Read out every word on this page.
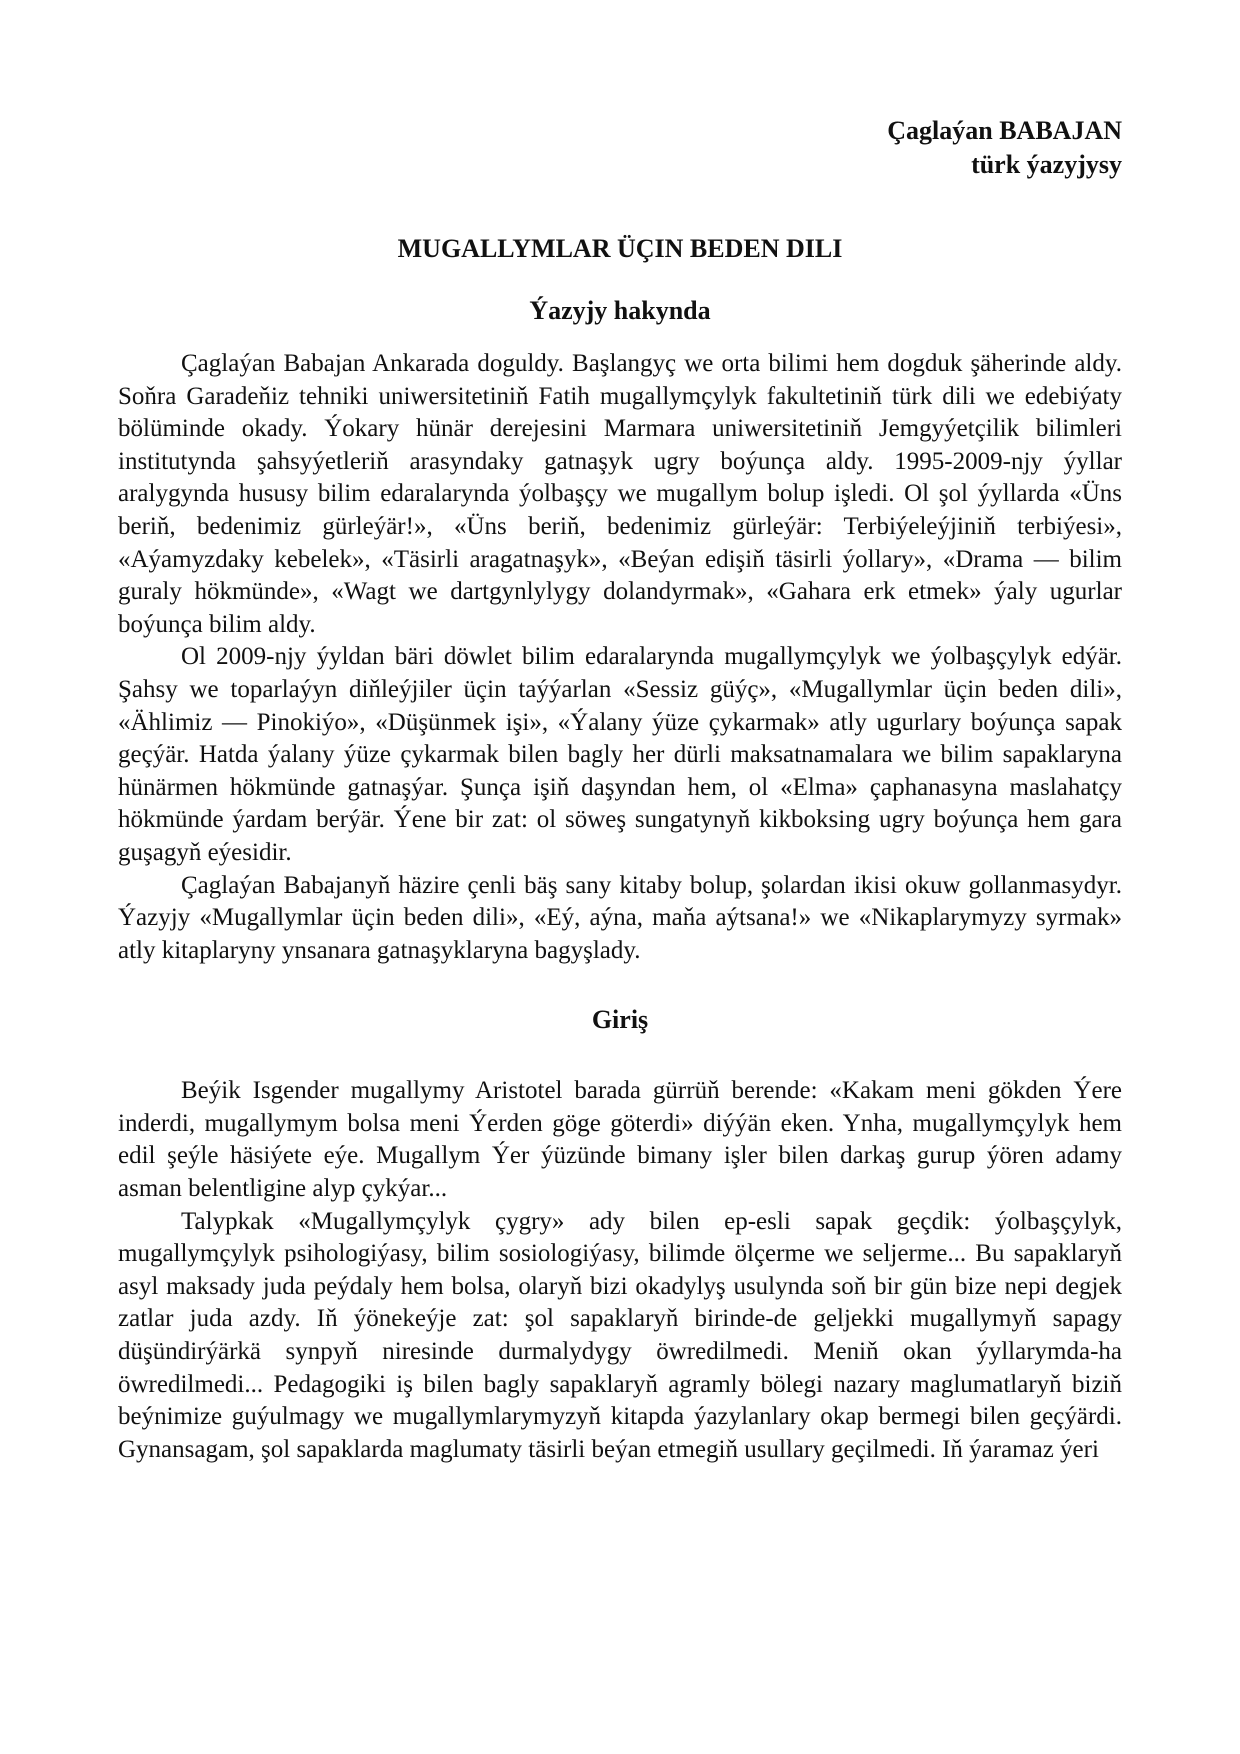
Çaglaýan BABAJAN
türk ýazyjysy
MUGALLYMLAR ÜÇIN BEDEN DILI
Ýazyjy hakynda

Çaglaýan Babajan Ankarada doguldy. Başlangyç we orta bilimi hem dogduk şäherinde aldy. Soňra Garadeňiz tehniki uniwersitetiniň Fatih mugallymçylyk fakultetiniň türk dili we edebiýaty bölüminde okady. Ýokary hünär derejesini Marmara uniwersitetiniň Jemgyýetçilik bilimleri institutynda şahsyýetleriň arasyndaky gatnaşyk ugry boýunça aldy. 1995-2009-njy ýyllar aralygynda hususy bilim edaralarynda ýolbaşçy we mugallym bolup işledi. Ol şol ýyllarda «Üns beriň, bedenimiz gürleýär!», «Üns beriň, bedenimiz gürleýär: Terbiýeleýjiniň terbiýesi», «Aýamyzdaky kebelek», «Täsirli aragatnaşyk», «Beýan edişiň täsirli ýollary», «Drama — bilim guraly hökmünde», «Wagt we dartgynlylygy dolandyrmak», «Gahara erk etmek» ýaly ugurlar boýunça bilim aldy.

Ol 2009-njy ýyldan bäri döwlet bilim edaralarynda mugallymçylyk we ýolbaşçylyk edýär. Şahsy we toparlaýyn diňleýjiler üçin taýýarlan «Sessiz güýç», «Mugallymlar üçin beden dili», «Ählimiz — Pinokiýo», «Düşünmek işi», «Ýalany ýüze çykarmak» atly ugurlary boýunça sapak geçýär. Hatda ýalany ýüze çykarmak bilen bagly her dürli maksatnamalara we bilim sapaklaryna hünärmen hökmünde gatnaşýar. Şunça işiň daşyndan hem, ol «Elma» çaphanasyna maslahatçy hökmünde ýardam berýär. Ýene bir zat: ol söweş sungatynyň kikboksing ugry boýunça hem gara guşagyň eýesidir.

Çaglaýan Babajanyň häzire çenli bäş sany kitaby bolup, şolardan ikisi okuw gollanmasydyr. Ýazyjy «Mugallymlar üçin beden dili», «Eý, aýna, maňa aýtsana!» we «Nikaplarymyzy syrmak» atly kitaplaryny ynsanara gatnaşyklaryna bagyşlady.

Giriş

Beýik Isgender mugallymy Aristotel barada gürrüň berende: «Kakam meni gökden Ýere inderdi, mugallymym bolsa meni Ýerden göge göterdi» diýýän eken. Ynha, mugallymçylyk hem edil şeýle häsiýete eýe. Mugallym Ýer ýüzünde bimany işler bilen darkaş gurup ýören adamy asman belentligine alyp çykýar...

Talypkak «Mugallymçylyk çygry» ady bilen ep-esli sapak geçdik: ýolbaşçylyk, mugallymçylyk psihologiýasy, bilim sosiologiýasy, bilimde ölçerme we seljerme... Bu sapaklaryň asyl maksady juda peýdaly hem bolsa, olaryň bizi okadylyş usulynda soň bir gün bize nepi degjek zatlar juda azdy. Iň ýönekeýje zat: şol sapaklaryň birinde-de geljekki mugallymyň sapagy düşündirýärkä synpyň niresinde durmalydygy öwredilmedi. Meniň okan ýyllarymda-ha öwredilmedi... Pedagogiki iş bilen bagly sapaklaryň agramly bölegi nazary maglumatlaryň biziň beýnimize guýulmagy we mugallymlarymyzyň kitapda ýazylanlary okap bermegi bilen geçýärdi. Gynansagam, şol sapaklarda maglumaty täsirli beýan etmegiň usullary geçilmedi. Iň ýaramaz ýeri
